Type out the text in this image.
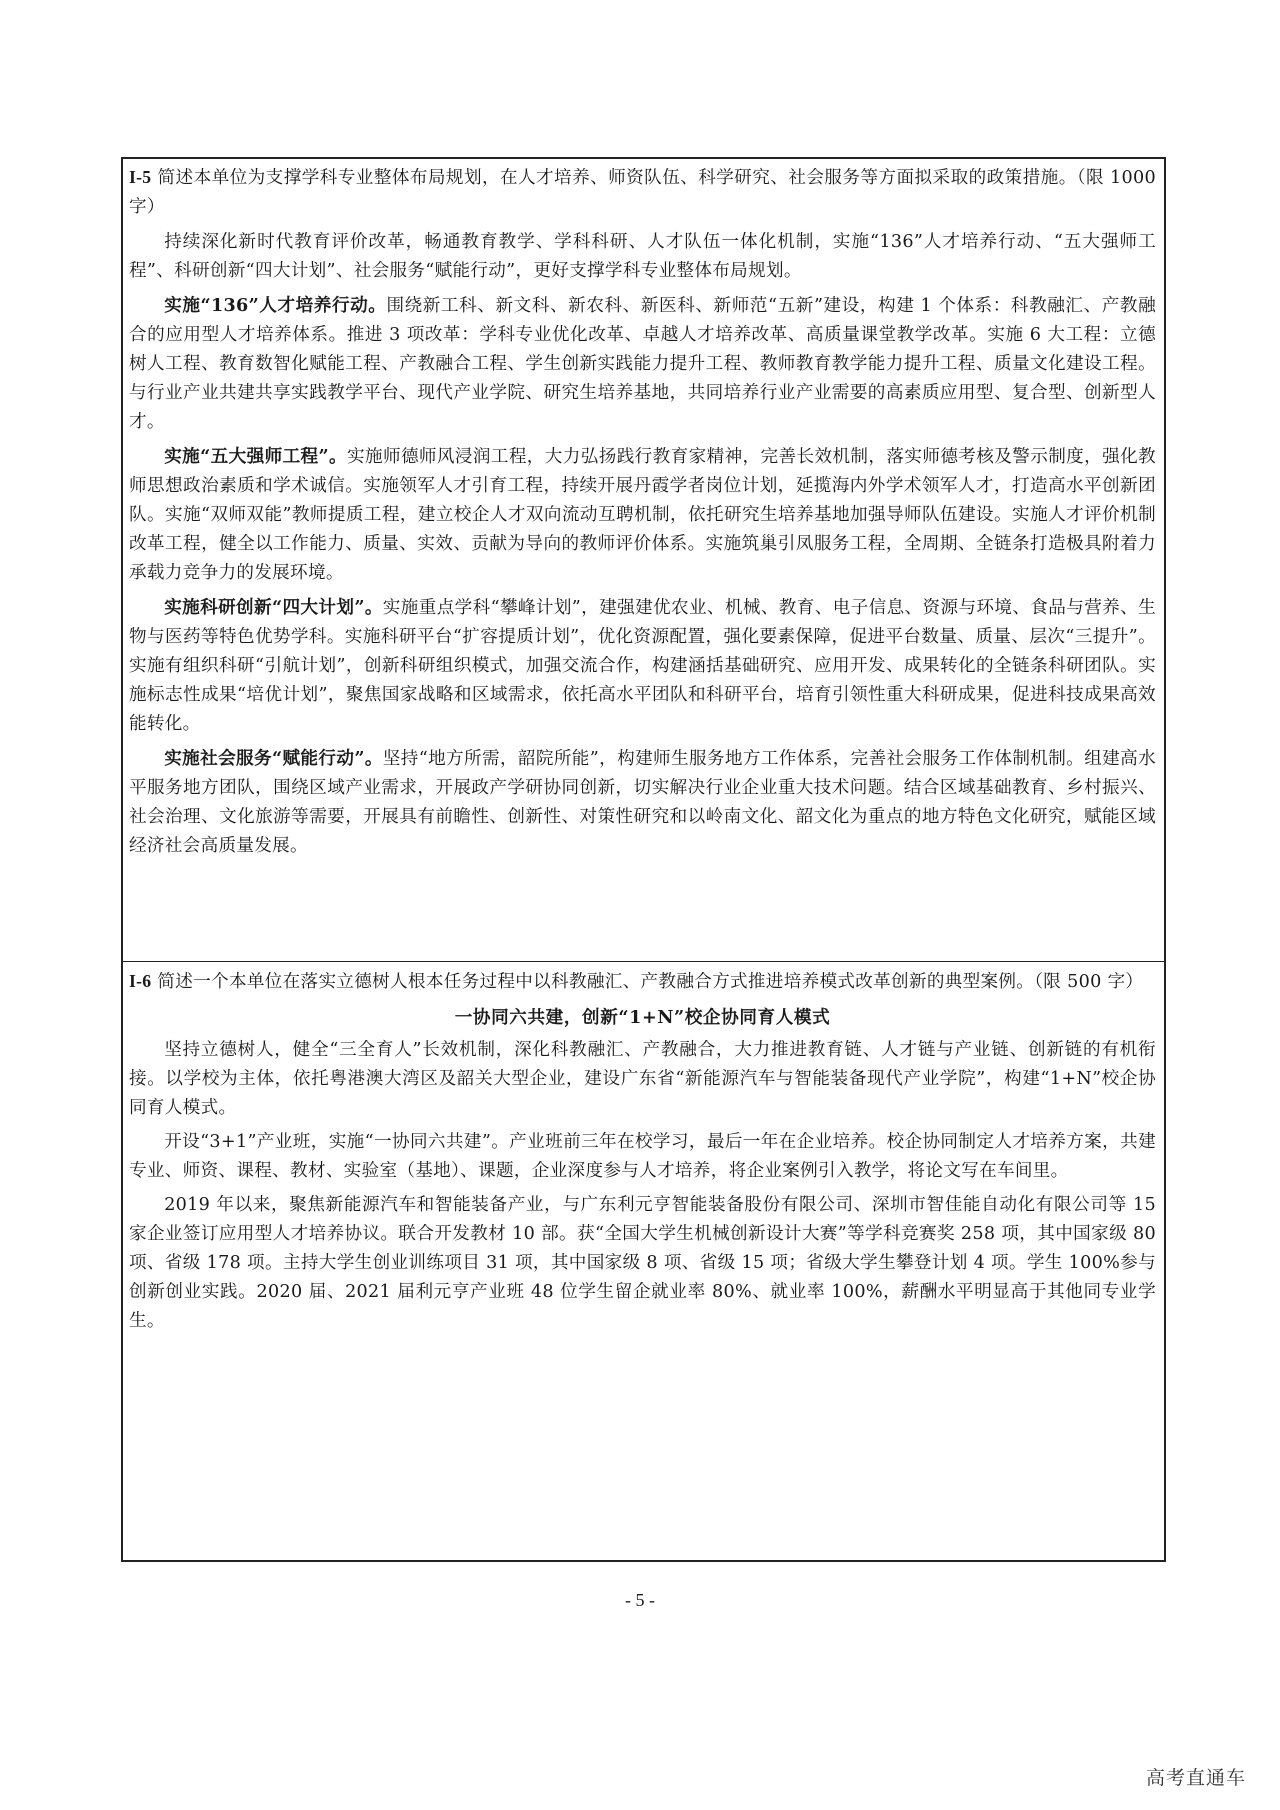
I-5 简述本单位为支撑学科专业整体布局规划，在人才培养、师资队伍、科学研究、社会服务等方面拟采取的政策措施。（限 1000 字）

持续深化新时代教育评价改革，畅通教育教学、学科科研、人才队伍一体化机制，实施“136”人才培养行动、“五大强师工程”、科研创新“四大计划”、社会服务“赋能行动”，更好支撑学科专业整体布局规划。

实施“136”人才培养行动。围绕新工科、新文科、新农科、新医科、新师范“五新”建设，构建 1 个体系：科教融汇、产教融合的应用型人才培养体系。推进 3 项改革：学科专业优化改革、卓越人才培养改革、高质量课堂教学改革。实施 6 大工程：立德树人工程、教育数智化赋能工程、产教融合工程、学生创新实践能力提升工程、教师教育教学能力提升工程、质量文化建设工程。与行业产业共建共享实践教学平台、现代产业学院、研究生培养基地，共同培养行业产业需要的高素质应用型、复合型、创新型人才。

实施“五大强师工程”。实施师德师风浸润工程，大力弘扬践行教育家精神，完善长效机制，落实师德考核及警示制度，强化教师思想政治素质和学术诚信。实施领军人才引育工程，持续开展丹霞学者岗位计划，延揽海内外学术领军人才，打造高水平创新团队。实施“双师双能”教师提质工程，建立校企人才双向流动互聘机制，依托研究生培养基地加强导师队伍建设。实施人才评价机制改革工程，健全以工作能力、质量、实效、贡献为导向的教师评价体系。实施筑巢引凤服务工程，全周期、全链条打造极具附着力承载力竞争力的发展环境。

实施科研创新“四大计划”。实施重点学科“攀峰计划”，建强建优农业、机械、教育、电子信息、资源与环境、食品与营养、生物与医药等特色优势学科。实施科研平台“扩容提质计划”，优化资源配置，强化要素保障，促进平台数量、质量、层次“三提升”。实施有组织科研“引航计划”，创新科研组织模式，加强交流合作，构建涵括基础研究、应用开发、成果转化的全链条科研团队。实施标志性成果“培优计划”，聚焦国家战略和区域需求，依托高水平团队和科研平台，培育引领性重大科研成果，促进科技成果高效能转化。

实施社会服务“赋能行动”。坚持“地方所需，韶院所能”，构建师生服务地方工作体系，完善社会服务工作体制机制。组建高水平服务地方团队，围绕区域产业需求，开展政产学研协同创新，切实解决行业企业重大技术问题。结合区域基础教育、乡村振兴、社会治理、文化旅游等需要，开展具有前瞻性、创新性、对策性研究和以岭南文化、韶文化为重点的地方特色文化研究，赋能区域经济社会高质量发展。

I-6 简述一个本单位在落实立德树人根本任务过程中以科教融汇、产教融合方式推进培养模式改革创新的典型案例。（限 500 字）
一协同六共建，创新“1+N”校企协同育人模式

坚持立德树人，健全“三全育人”长效机制，深化科教融汇、产教融合，大力推进教育链、人才链与产业链、创新链的有机衔接。以学校为主体，依托粤港澳大湾区及韶关大型企业，建设广东省“新能源汽车与智能装备现代产业学院”，构建“1+N”校企协同育人模式。

开设“3+1”产业班，实施“一协同六共建”。产业班前三年在校学习，最后一年在企业培养。校企协同制定人才培养方案，共建专业、师资、课程、教材、实验室（基地）、课题，企业深度参与人才培养，将企业案例引入教学，将论文写在车间里。

2019 年以来，聚焦新能源汽车和智能装备产业，与广东利元亨智能装备股份有限公司、深圳市智佳能自动化有限公司等 15 家企业签订应用型人才培养协议。联合开发教材 10 部。获“全国大学生机械创新设计大赛”等学科竞赛奖 258 项，其中国家级 80 项、省级 178 项。主持大学生创业训练项目 31 项，其中国家级 8 项、省级 15 项；省级大学生攀登计划 4 项。学生 100%参与创新创业实践。2020 届、2021 届利元亨产业班 48 位学生留企就业率 80%、就业率 100%，薪酬水平明显高于其他同专业学生。

- 5 -
高考直通车
